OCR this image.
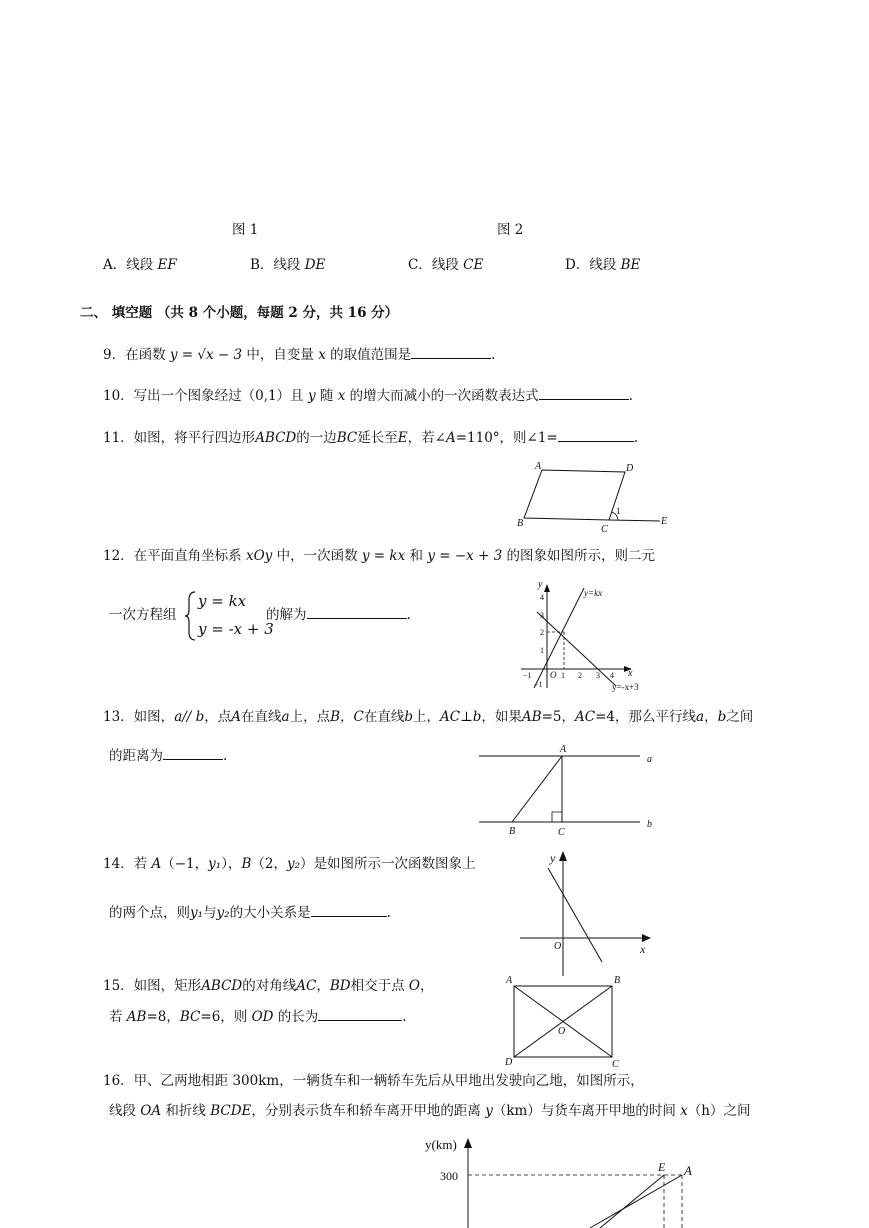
图 1	图 2
A．线段 EF	B．线段 DE	C．线段 CE	D．线段 BE
二、 填空题 （共 8 个小题，每题 2 分，共 16 分）
9．在函数 y = √x − 3 中，自变量 x 的取值范围是	.
10．写出一个图象经过（0,1）且 y 随 x 的增大而减小的一次函数表达式	.
11．如图，将平行四边形ABCD的一边BC延长至E，若∠A=110°，则∠1=	.
A	D
B
C
E
1
12．在平面直角坐标系 xOy 中，一次函数 y = kx 和 y = −x + 3 的图象如图所示，则二元
一次方程组
y = kx
y = -x + 3
的解为	.
y
x
O
y=kx
y=-x+3
−1	1 2 3 4
4
3
2
1
−1
13．如图，a// b，点A在直线a上，点B，C在直线b上，AC⊥b，如果AB=5，AC=4，那么平行线a，b之间
的距离为	.	A
B	C
a
b
14．若 A（−1，y₁），B（2，y₂）是如图所示一次函数图象上
的两个点，则y₁与y₂的大小关系是	.
y
x
O
15．如图，矩形ABCD的对角线AC，BD相交于点 O，
若 AB=8，BC=6，则 OD 的长为	.
A	B
C
D
O
16．甲、乙两地相距 300km，一辆货车和一辆轿车先后从甲地出发驶向乙地，如图所示，
线段 OA 和折线 BCDE，分别表示货车和轿车离开甲地的距离 y（km）与货车离开甲地的时间 x（h）之间
y(km)
300
E A
